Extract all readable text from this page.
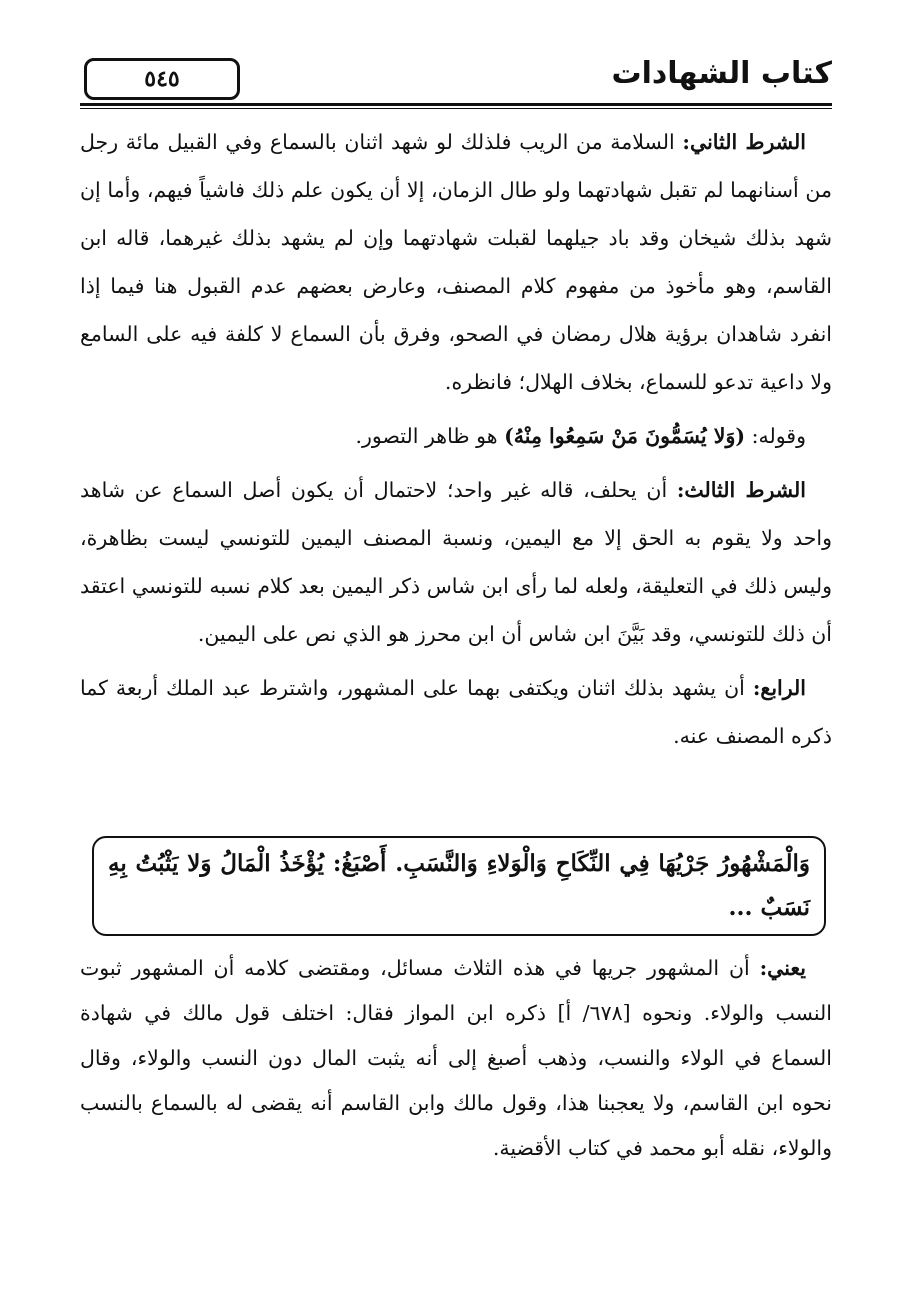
٥٤٥	كتاب الشهادات

الشرط الثاني: السلامة من الريب فلذلك لو شهد اثنان بالسماع وفي القبيل مائة رجل من أسنانهما لم تقبل شهادتهما ولو طال الزمان، إلا أن يكون علم ذلك فاشياً فيهم، وأما إن شهد بذلك شيخان وقد باد جيلهما لقبلت شهادتهما وإن لم يشهد بذلك غيرهما، قاله ابن القاسم، وهو مأخوذ من مفهوم كلام المصنف، وعارض بعضهم عدم القبول هنا فيما إذا انفرد شاهدان برؤية هلال رمضان في الصحو، وفرق بأن السماع لا كلفة فيه على السامع ولا داعية تدعو للسماع، بخلاف الهلال؛ فانظره.

وقوله: (وَلا يُسَمُّونَ مَنْ سَمِعُوا مِنْهُ) هو ظاهر التصور.

الشرط الثالث: أن يحلف، قاله غير واحد؛ لاحتمال أن يكون أصل السماع عن شاهد واحد ولا يقوم به الحق إلا مع اليمين، ونسبة المصنف اليمين للتونسي ليست بظاهرة، وليس ذلك في التعليقة، ولعله لما رأى ابن شاس ذكر اليمين بعد كلام نسبه للتونسي اعتقد أن ذلك للتونسي، وقد بَيَّنَ ابن شاس أن ابن محرز هو الذي نص على اليمين.

الرابع: أن يشهد بذلك اثنان ويكتفى بهما على المشهور، واشترط عبد الملك أربعة كما ذكره المصنف عنه.

وَالْمَشْهُورُ جَرْيُهَا فِي النِّكَاحِ وَالْوَلاءِ وَالنَّسَبِ. أَصْبَغُ: يُؤْخَذُ الْمَالُ وَلا يَثْبُتُ بِهِ نَسَبٌ ...

يعني: أن المشهور جريها في هذه الثلاث مسائل، ومقتضى كلامه أن المشهور ثبوت النسب والولاء. ونحوه [٦٧٨/ أ] ذكره ابن المواز فقال: اختلف قول مالك في شهادة السماع في الولاء والنسب، وذهب أصبغ إلى أنه يثبت المال دون النسب والولاء، وقال نحوه ابن القاسم، ولا يعجبنا هذا، وقول مالك وابن القاسم أنه يقضى له بالسماع بالنسب والولاء، نقله أبو محمد في كتاب الأقضية.
